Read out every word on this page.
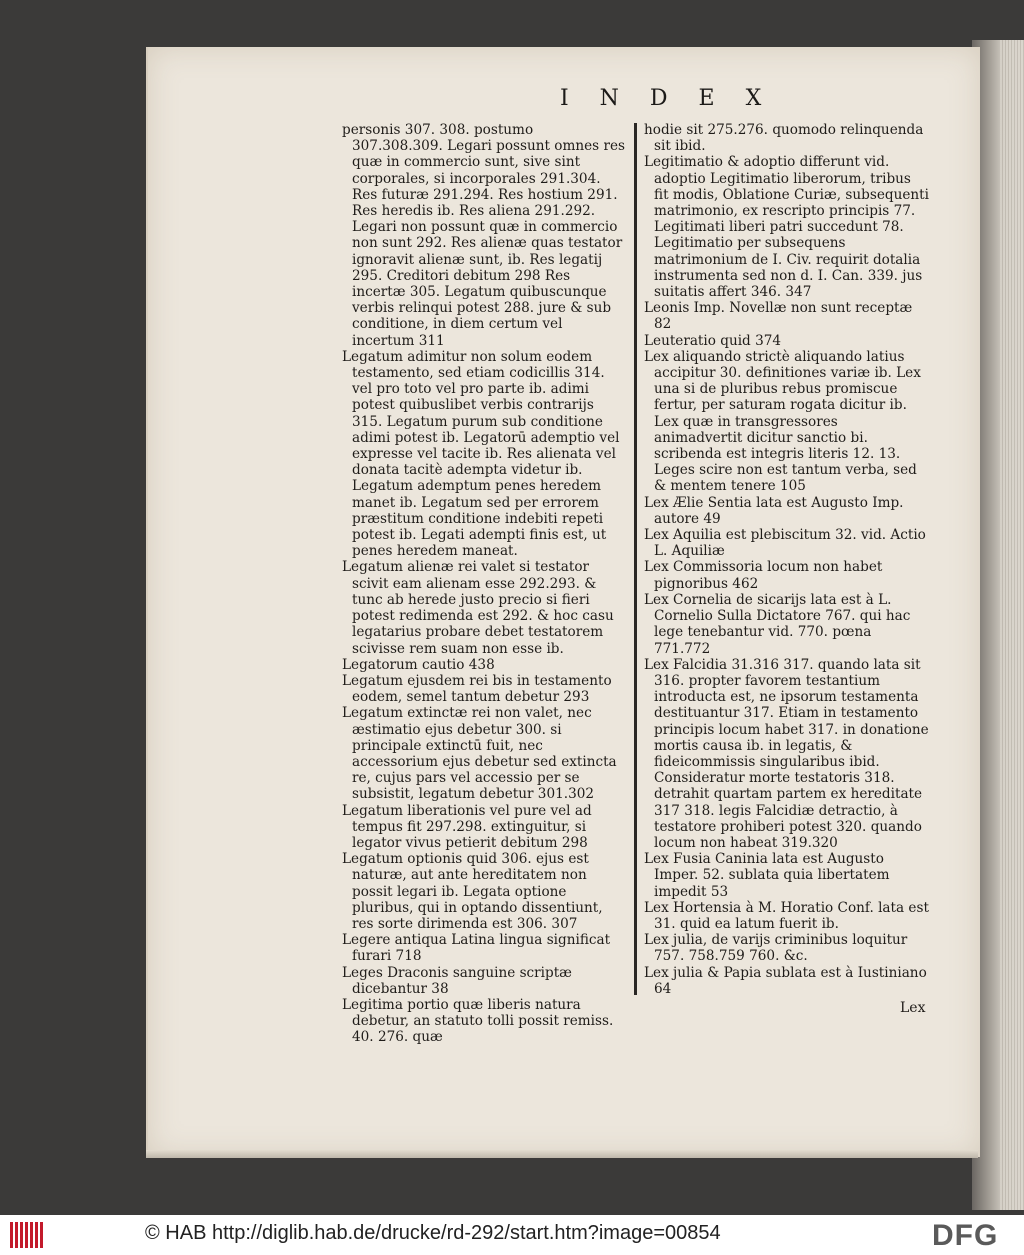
I N D E X
personis 307. 308. postumo 307.308.309. Legari possunt omnes res quæ in commercio sunt, sive sint corporales, si incorporales 291.304. Res futuræ 291.294. Res hostium 291. Res heredis ib. Res aliena 291.292. Legari non possunt quæ in commercio non sunt 292. Res alienæ quas testator ignoravit alienæ sunt, ib. Res legatij 295. Creditori debitum 298 Res incertæ 305. Legatum quibuscunque verbis relinqui potest 288. jure & sub conditione, in diem certum vel incertum 311
Legatum adimitur non solum eodem testamento, sed etiam codicillis 314. vel pro toto vel pro parte ib. adimi potest quibuslibet verbis contrarijs 315. Legatum purum sub conditione adimi potest ib. Legatorū ademptio vel expresse vel tacite ib. Res alienata vel donata tacitè adempta videtur ib. Legatum ademptum penes heredem manet ib. Legatum sed per errorem præstitum conditione indebiti repeti potest ib. Legati adempti finis est, ut penes heredem maneat.
Legatum alienæ rei valet si testator scivit eam alienam esse 292.293. & tunc ab herede justo precio si fieri potest redimenda est 292. & hoc casu legatarius probare debet testatorem scivisse rem suam non esse ib.
Legatorum cautio 438
Legatum ejusdem rei bis in testamento eodem, semel tantum debetur 293
Legatum extinctæ rei non valet, nec æstimatio ejus debetur 300. si principale extinctū fuit, nec accessorium ejus debetur sed extincta re, cujus pars vel accessio per se subsistit, legatum debetur 301.302
Legatum liberationis vel pure vel ad tempus fit 297.298. extinguitur, si legator vivus petierit debitum 298
Legatum optionis quid 306. ejus est naturæ, aut ante hereditatem non possit legari ib. Legata optione pluribus, qui in optando dissentiunt, res sorte dirimenda est 306. 307
Legere antiqua Latina lingua significat furari 718
Leges Draconis sanguine scriptæ dicebantur 38
Legitima portio quæ liberis natura debetur, an statuto tolli possit remiss. 40. 276. quæ
hodie sit 275.276. quomodo relinquenda sit ibid.
Legitimatio & adoptio differunt vid. adoptio Legitimatio liberorum, tribus fit modis, Oblatione Curiæ, subsequenti matrimonio, ex rescripto principis 77. Legitimati liberi patri succedunt 78. Legitimatio per subsequens matrimonium de I. Civ. requirit dotalia instrumenta sed non d. I. Can. 339. jus suitatis affert 346. 347
Leonis Imp. Novellæ non sunt receptæ 82
Leuteratio quid 374
Lex aliquando strictè aliquando latius accipitur 30. definitiones variæ ib. Lex una si de pluribus rebus promiscue fertur, per saturam rogata dicitur ib. Lex quæ in transgressores animadvertit dicitur sanctio bi. scribenda est integris literis 12. 13. Leges scire non est tantum verba, sed & mentem tenere 105
Lex Ælie Sentia lata est Augusto Imp. autore 49
Lex Aquilia est plebiscitum 32. vid. Actio L. Aquiliæ
Lex Commissoria locum non habet pignoribus 462
Lex Cornelia de sicarijs lata est à L. Cornelio Sulla Dictatore 767. qui hac lege tenebantur vid. 770. pœna 771.772
Lex Falcidia 31.316 317. quando lata sit 316. propter favorem testantium introducta est, ne ipsorum testamenta destituantur 317. Etiam in testamento principis locum habet 317. in donatione mortis causa ib. in legatis, & fideicommissis singularibus ibid. Consideratur morte testatoris 318. detrahit quartam partem ex hereditate 317 318. legis Falcidiæ detractio, à testatore prohiberi potest 320. quando locum non habeat 319.320
Lex Fusia Caninia lata est Augusto Imper. 52. sublata quia libertatem impedit 53
Lex Hortensia à M. Horatio Conf. lata est 31. quid ea latum fuerit ib.
Lex julia, de varijs criminibus loquitur 757. 758.759 760. &c.
Lex julia & Papia sublata est à Iustiniano 64
Lex
© HAB http://diglib.hab.de/drucke/rd-292/start.htm?image=00854	DFG
